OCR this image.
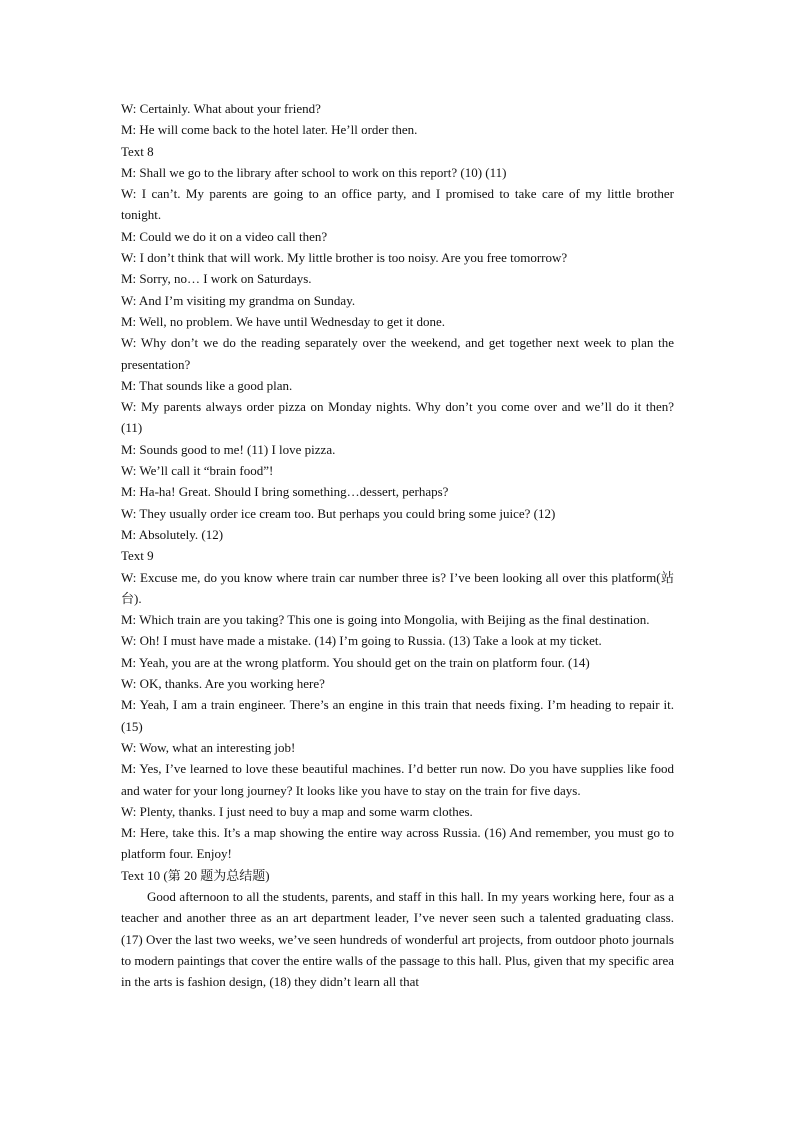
W: Certainly. What about your friend?

M: He will come back to the hotel later. He’ll order then.

Text 8

M: Shall we go to the library after school to work on this report? (10) (11)

W: I can’t. My parents are going to an office party, and I promised to take care of my little brother tonight.

M: Could we do it on a video call then?

W: I don’t think that will work. My little brother is too noisy. Are you free tomorrow?

M: Sorry, no… I work on Saturdays.

W: And I’m visiting my grandma on Sunday.

M: Well, no problem. We have until Wednesday to get it done.

W: Why don’t we do the reading separately over the weekend, and get together next week to plan the presentation?

M: That sounds like a good plan.

W: My parents always order pizza on Monday nights. Why don’t you come over and we’ll do it then? (11)

M: Sounds good to me! (11) I love pizza.

W: We’ll call it “brain food”!

M: Ha-ha! Great. Should I bring something…dessert, perhaps?

W: They usually order ice cream too. But perhaps you could bring some juice? (12)

M: Absolutely. (12)

Text 9

W: Excuse me, do you know where train car number three is? I’ve been looking all over this platform(站台).

M: Which train are you taking? This one is going into Mongolia, with Beijing as the final destination.

W: Oh! I must have made a mistake. (14) I’m going to Russia. (13) Take a look at my ticket.

M: Yeah, you are at the wrong platform. You should get on the train on platform four. (14)

W: OK, thanks. Are you working here?

M: Yeah, I am a train engineer. There’s an engine in this train that needs fixing. I’m heading to repair it. (15)

W: Wow, what an interesting job!

M: Yes, I’ve learned to love these beautiful machines. I’d better run now. Do you have supplies like food and water for your long journey? It looks like you have to stay on the train for five days.

W: Plenty, thanks. I just need to buy a map and some warm clothes.

M: Here, take this. It’s a map showing the entire way across Russia. (16) And remember, you must go to platform four. Enjoy!

Text 10 (第 20 题为总结题)

Good afternoon to all the students, parents, and staff in this hall. In my years working here, four as a teacher and another three as an art department leader, I’ve never seen such a talented graduating class. (17) Over the last two weeks, we’ve seen hundreds of wonderful art projects, from outdoor photo journals to modern paintings that cover the entire walls of the passage to this hall. Plus, given that my specific area in the arts is fashion design, (18) they didn’t learn all that
